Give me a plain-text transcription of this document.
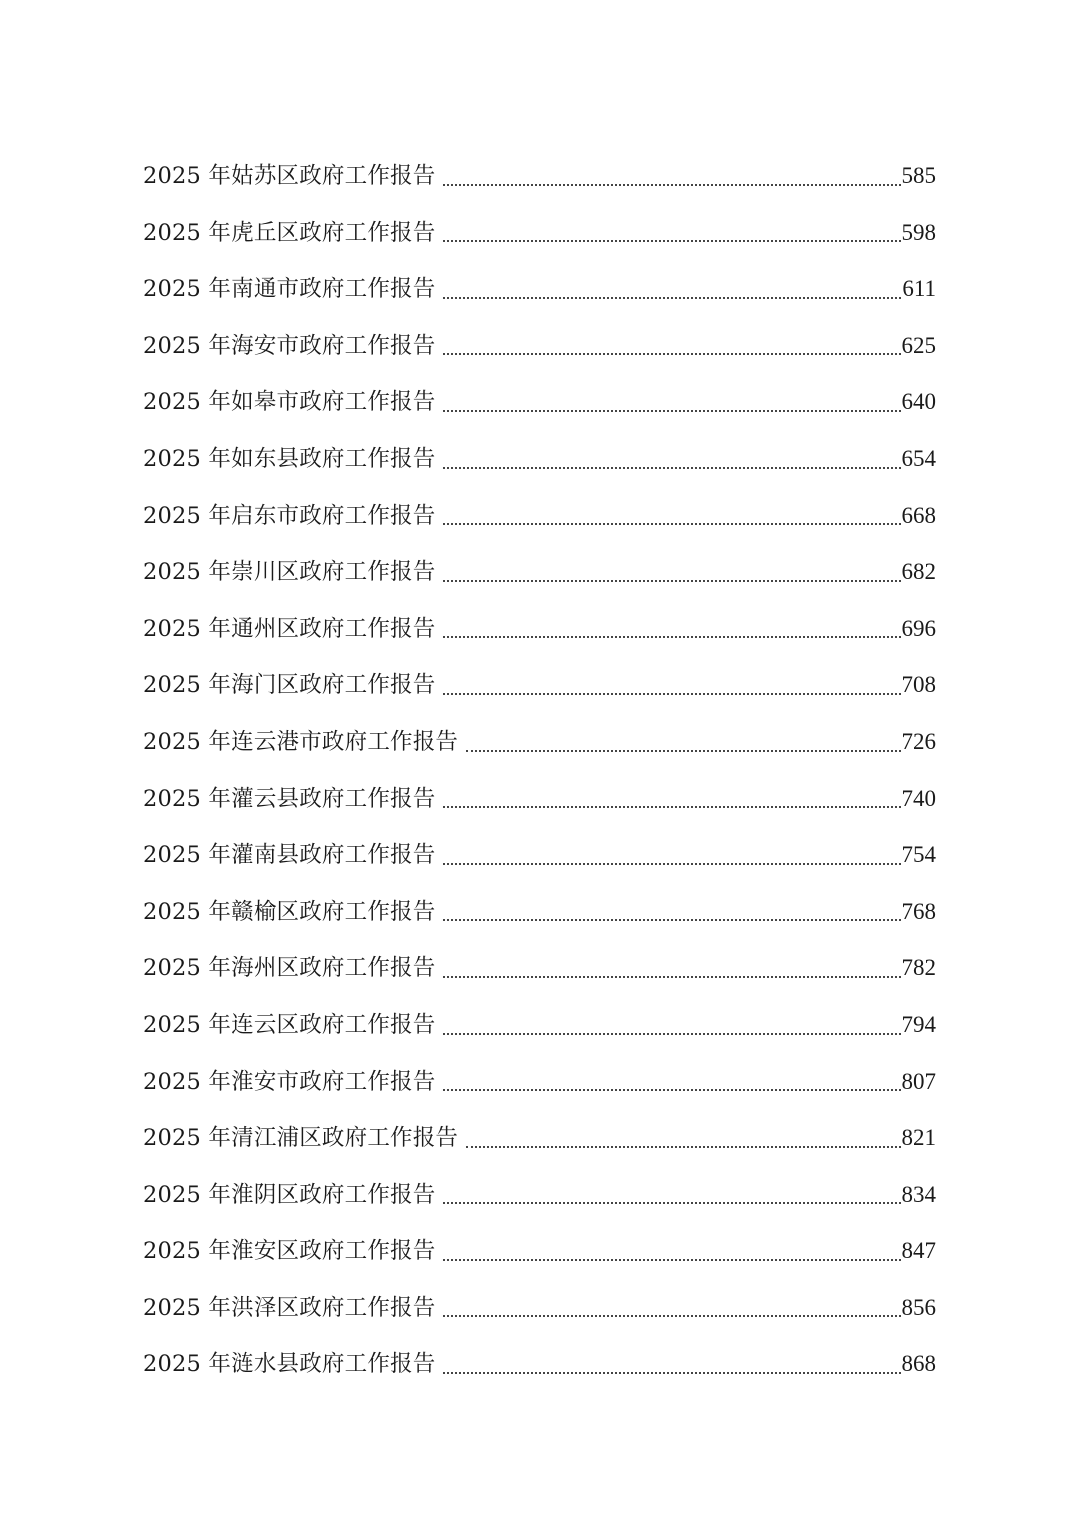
2025 年姑苏区政府工作报告	585
2025 年虎丘区政府工作报告	598
2025 年南通市政府工作报告	611
2025 年海安市政府工作报告	625
2025 年如皋市政府工作报告	640
2025 年如东县政府工作报告	654
2025 年启东市政府工作报告	668
2025 年崇川区政府工作报告	682
2025 年通州区政府工作报告	696
2025 年海门区政府工作报告	708
2025 年连云港市政府工作报告	726
2025 年灌云县政府工作报告	740
2025 年灌南县政府工作报告	754
2025 年赣榆区政府工作报告	768
2025 年海州区政府工作报告	782
2025 年连云区政府工作报告	794
2025 年淮安市政府工作报告	807
2025 年清江浦区政府工作报告	821
2025 年淮阴区政府工作报告	834
2025 年淮安区政府工作报告	847
2025 年洪泽区政府工作报告	856
2025 年涟水县政府工作报告	868
